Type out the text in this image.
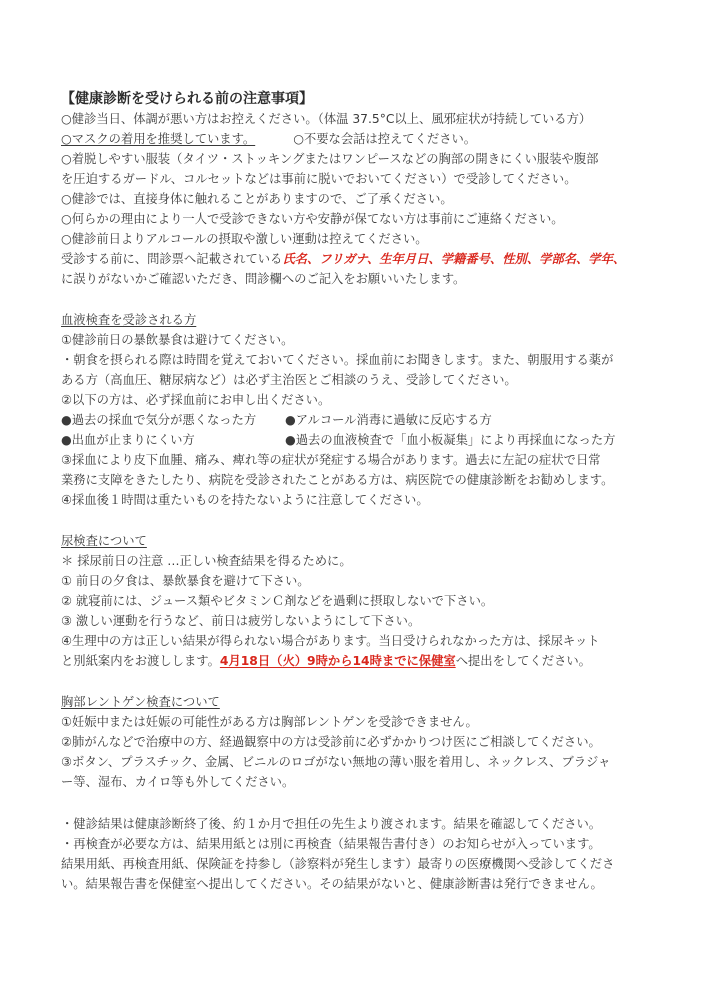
【健康診断を受けられる前の注意事項】
○健診当日、体調が悪い方はお控えください。（体温 37.5°C以上、風邪症状が持続している方）
○マスクの着用を推奨しています。	○不要な会話は控えてください。
○着脱しやすい服装（タイツ・ストッキングまたはワンピースなどの胸部の開きにくい服装や腹部
を圧迫するガードル、コルセットなどは事前に脱いでおいてください）で受診してください。
○健診では、直接身体に触れることがありますので、ご了承ください。
○何らかの理由により一人で受診できない方や安静が保てない方は事前にご連絡ください。
○健診前日よりアルコールの摂取や激しい運動は控えてください。
受診する前に、問診票へ記載されている氏名、フリガナ、生年月日、学籍番号、性別、学部名、学年、
に誤りがないかご確認いただき、問診欄へのご記入をお願いいたします。
血液検査を受診される方
①健診前日の暴飲暴食は避けてください。
・朝食を摂られる際は時間を覚えておいてください。採血前にお聞きします。また、朝服用する薬が
ある方（高血圧、糖尿病など）は必ず主治医とご相談のうえ、受診してください。
②以下の方は、必ず採血前にお申し出ください。
●過去の採血で気分が悪くなった方 ●アルコール消毒に過敏に反応する方
●出血が止まりにくい方	●過去の血液検査で「血小板凝集」により再採血になった方
③採血により皮下血腫、痛み、痺れ等の症状が発症する場合があります。過去に左記の症状で日常
業務に支障をきたしたり、病院を受診されたことがある方は、病医院での健康診断をお勧めします。
④採血後１時間は重たいものを持たないように注意してください。
尿検査について
＊ 採尿前日の注意 …正しい検査結果を得るために。
① 前日の夕食は、暴飲暴食を避けて下さい。
② 就寝前には、ジュース類やビタミンＣ剤などを過剰に摂取しないで下さい。
③ 激しい運動を行うなど、前日は疲労しないようにして下さい。
④生理中の方は正しい結果が得られない場合があります。当日受けられなかった方は、採尿キット
と別紙案内をお渡しします。4月18日（火）9時から14時までに保健室へ提出をしてください。
胸部レントゲン検査について
①妊娠中または妊娠の可能性がある方は胸部レントゲンを受診できません。
②肺がんなどで治療中の方、経過観察中の方は受診前に必ずかかりつけ医にご相談してください。
③ボタン、プラスチック、金属、ビニルのロゴがない無地の薄い服を着用し、ネックレス、ブラジャ
ー等、湿布、カイロ等も外してください。
・健診結果は健康診断終了後、約１か月で担任の先生より渡されます。結果を確認してください。
・再検査が必要な方は、結果用紙とは別に再検査（結果報告書付き）のお知らせが入っています。
結果用紙、再検査用紙、保険証を持参し（診察料が発生します）最寄りの医療機関へ受診してくださ
い。結果報告書を保健室へ提出してください。その結果がないと、健康診断書は発行できません。
